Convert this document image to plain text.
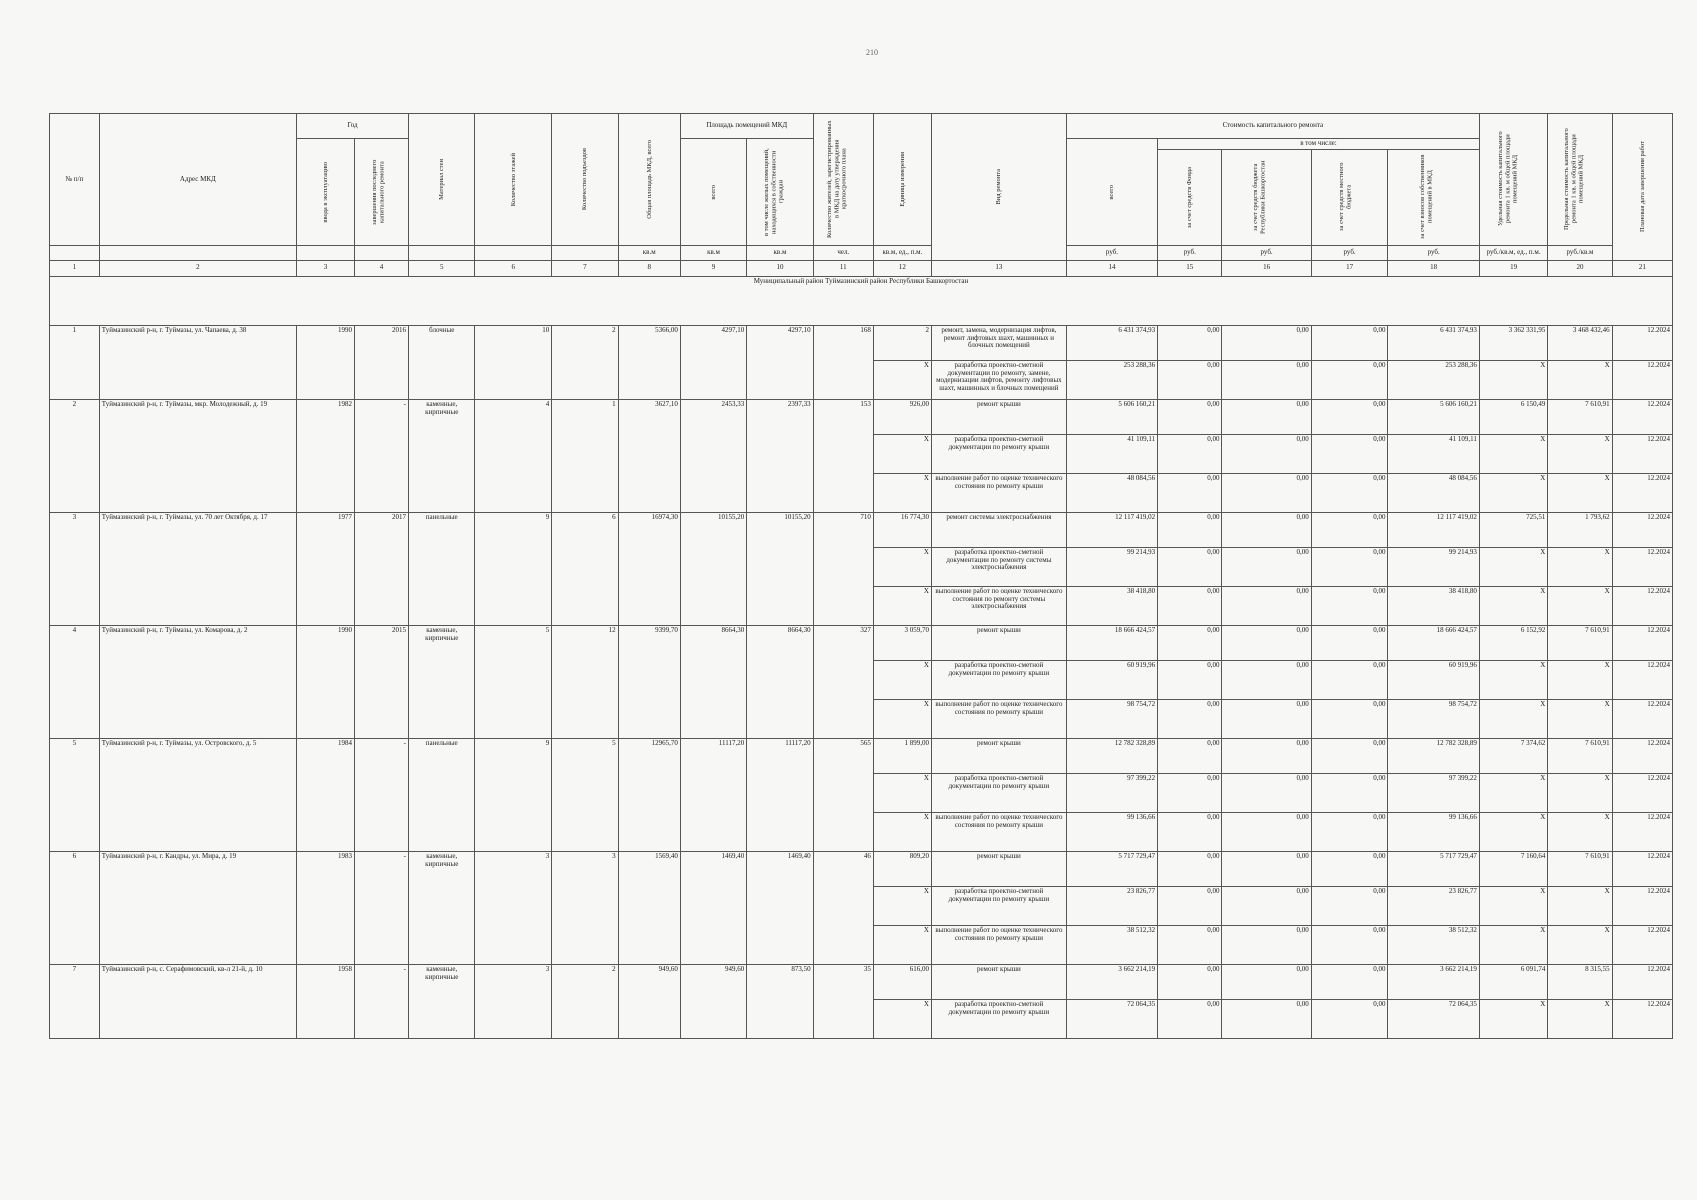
210
№ п/п	Адрес МКД	Год		Материал стен	Количество этажей	Количество подъездов	Общая площадь МКД, всего	Площадь помещений МКД		Количество жителей, зарегистрированных в МКД на дату утверждения краткосрочного плана	Единица измерения	Вид ремонта	Стоимость капитального ремонта					Удельная стоимость капитального ремонта 1 кв. м общей площади помещений МКД	Предельная стоимость капитального ремонта 1 кв. м общей площади помещений МКД	Плановая дата завершения работ

		ввода в эксплуатацию	завершения последнего капитального ремонта					всего	в том числе жилых помещений, находящихся в собственности граждан				всего	в том числе:						

														за счет средств Фонда	за счет средств бюджета Республики Башкортостан	за счет средств местного бюджета	за счет взносов собственников помещений в МКД			

							кв.м	кв.м	кв.м	чел.	кв.м, ед., п.м.		руб.	руб.	руб.	руб.	руб.	руб./кв.м, ед., п.м.	руб./кв.м	
1	2	3	4	5	6	7	8	9	10	11	12	13	14	15	16	17	18	19	20	21
Муниципальный район Туймазинский район Республики Башкортостан																				
1	Туймазинский р-н, г. Туймазы, ул. Чапаева, д. 38	1990	2016	блочные	10	2	5366,00	4297,10	4297,10	168	2	ремонт, замена, модернизация лифтов, ремонт лифтовых шахт, машинных и блочных помещений	6 431 374,93	0,00	0,00	0,00	6 431 374,93	3 362 331,95	3 468 432,46	12.2024
											X	разработка проектно-сметной документации по ремонту, замене, модернизации лифтов, ремонту лифтовых шахт, машинных и блочных помещений	253 288,36	0,00	0,00	0,00	253 288,36	X	X	12.2024
2	Туймазинский р-н, г. Туймазы, мкр. Молодежный, д. 19	1982	-	каменные, кирпичные	4	1	3627,10	2453,33	2397,33	153	926,00	ремонт крыши	5 606 160,21	0,00	0,00	0,00	5 606 160,21	6 150,49	7 610,91	12.2024
											X	разработка проектно-сметной документации по ремонту крыши	41 109,11	0,00	0,00	0,00	41 109,11	X	X	12.2024
											X	выполнение работ по оценке технического состояния по ремонту крыши	48 084,56	0,00	0,00	0,00	48 084,56	X	X	12.2024
3	Туймазинский р-н, г. Туймазы, ул. 70 лет Октября, д. 17	1977	2017	панельные	9	6	16974,30	10155,20	10155,20	710	16 774,30	ремонт системы электроснабжения	12 117 419,02	0,00	0,00	0,00	12 117 419,02	725,51	1 793,62	12.2024
											X	разработка проектно-сметной документации по ремонту системы электроснабжения	99 214,93	0,00	0,00	0,00	99 214,93	X	X	12.2024
											X	выполнение работ по оценке технического состояния по ремонту системы электроснабжения	38 418,80	0,00	0,00	0,00	38 418,80	X	X	12.2024
4	Туймазинский р-н, г. Туймазы, ул. Комарова, д. 2	1990	2015	каменные, кирпичные	5	12	9399,70	8664,30	8664,30	327	3 059,70	ремонт крыши	18 666 424,57	0,00	0,00	0,00	18 666 424,57	6 152,92	7 610,91	12.2024
											X	разработка проектно-сметной документации по ремонту крыши	60 919,96	0,00	0,00	0,00	60 919,96	X	X	12.2024
											X	выполнение работ по оценке технического состояния по ремонту крыши	98 754,72	0,00	0,00	0,00	98 754,72	X	X	12.2024
5	Туймазинский р-н, г. Туймазы, ул. Островского, д. 5	1984	-	панельные	9	5	12965,70	11117,20	11117,20	565	1 899,00	ремонт крыши	12 782 328,89	0,00	0,00	0,00	12 782 328,89	7 374,62	7 610,91	12.2024
											X	разработка проектно-сметной документации по ремонту крыши	97 399,22	0,00	0,00	0,00	97 399,22	X	X	12.2024
											X	выполнение работ по оценке технического состояния по ремонту крыши	99 136,66	0,00	0,00	0,00	99 136,66	X	X	12.2024
6	Туймазинский р-н, г. Кандры, ул. Мира, д. 19	1983	-	каменные, кирпичные	3	3	1569,40	1469,40	1469,40	46	809,20	ремонт крыши	5 717 729,47	0,00	0,00	0,00	5 717 729,47	7 160,64	7 610,91	12.2024
											X	разработка проектно-сметной документации по ремонту крыши	23 826,77	0,00	0,00	0,00	23 826,77	X	X	12.2024
											X	выполнение работ по оценке технического состояния по ремонту крыши	38 512,32	0,00	0,00	0,00	38 512,32	X	X	12.2024
7	Туймазинский р-н, с. Серафимовский, кв-л 21-й, д. 10	1958	-	каменные, кирпичные	3	2	949,60	949,60	873,50	35	616,00	ремонт крыши	3 662 214,19	0,00	0,00	0,00	3 662 214,19	6 091,74	8 315,55	12.2024
											X	разработка проектно-сметной документации по ремонту крыши	72 064,35	0,00	0,00	0,00	72 064,35	X	X	12.2024
